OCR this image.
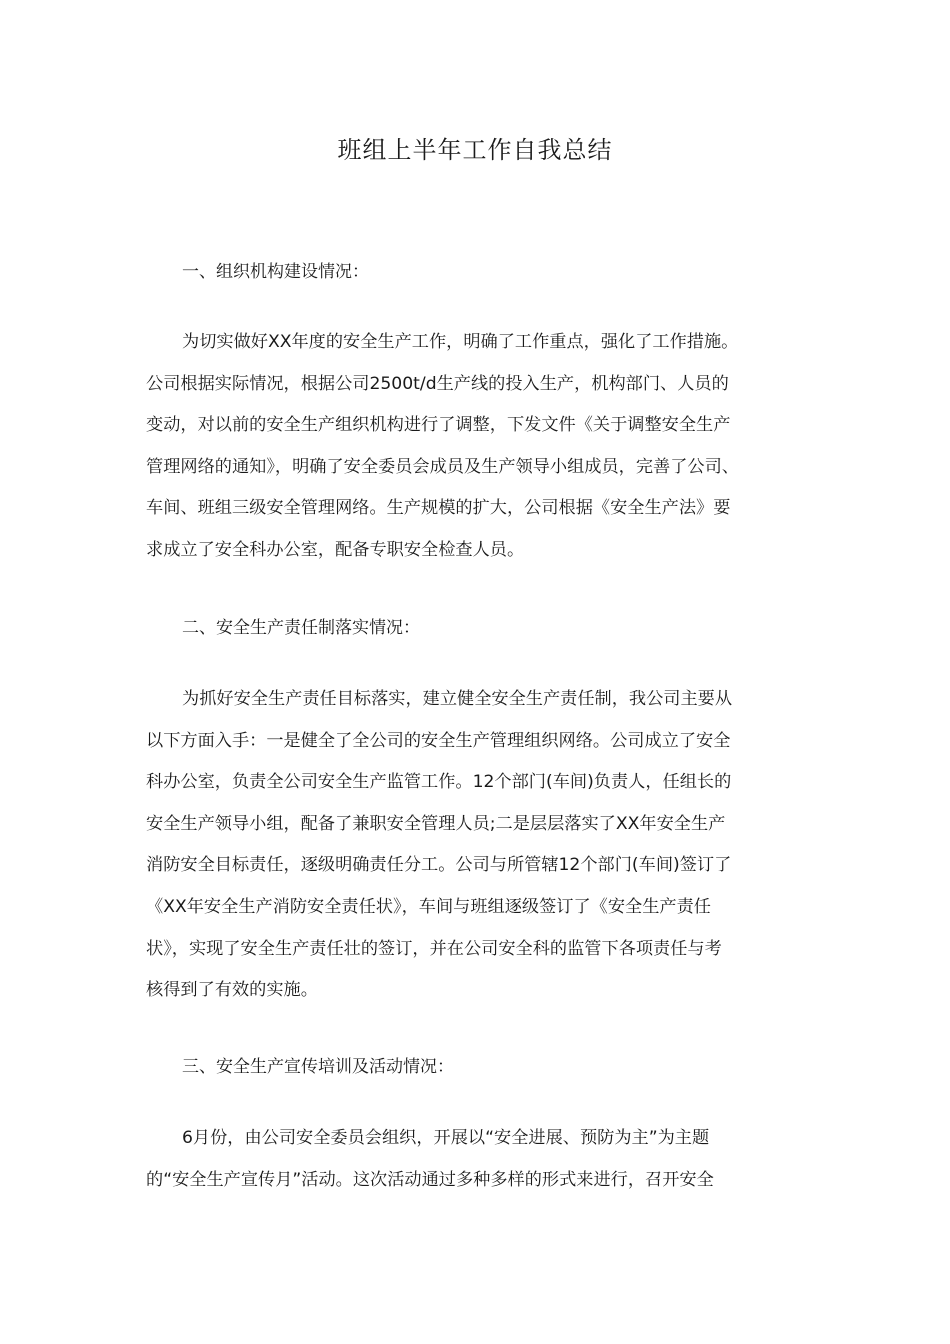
班组上半年工作自我总结
一、组织机构建设情况：

为切实做好XX年度的安全生产工作，明确了工作重点，强化了工作措施。
公司根据实际情况，根据公司2500t/d生产线的投入生产，机构部门、人员的
变动，对以前的安全生产组织机构进行了调整，下发文件《关于调整安全生产
管理网络的通知》，明确了安全委员会成员及生产领导小组成员，完善了公司、
车间、班组三级安全管理网络。生产规模的扩大，公司根据《安全生产法》要
求成立了安全科办公室，配备专职安全检查人员。

二、安全生产责任制落实情况：

为抓好安全生产责任目标落实，建立健全安全生产责任制，我公司主要从
以下方面入手：一是健全了全公司的安全生产管理组织网络。公司成立了安全
科办公室，负责全公司安全生产监管工作。12个部门(车间)负责人，任组长的
安全生产领导小组，配备了兼职安全管理人员;二是层层落实了XX年安全生产
消防安全目标责任，逐级明确责任分工。公司与所管辖12个部门(车间)签订了
《XX年安全生产消防安全责任状》，车间与班组逐级签订了《安全生产责任
状》，实现了安全生产责任壮的签订，并在公司安全科的监管下各项责任与考
核得到了有效的实施。

三、安全生产宣传培训及活动情况：

6月份，由公司安全委员会组织，开展以“安全进展、预防为主”为主题
的“安全生产宣传月”活动。这次活动通过多种多样的形式来进行，召开安全
